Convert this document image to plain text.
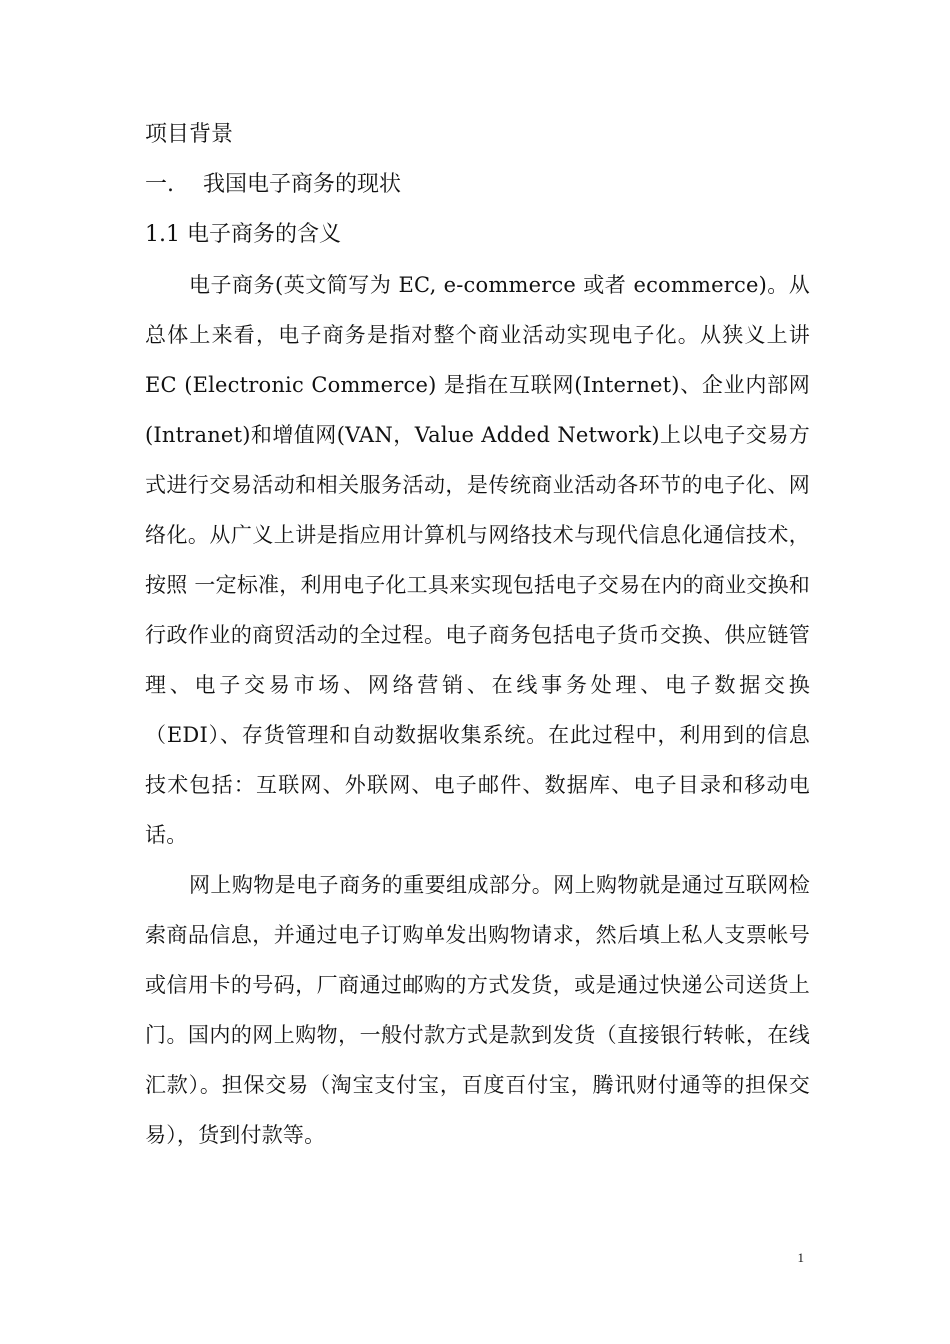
项目背景
一. 我国电子商务的现状
1.1 电子商务的含义

电子商务(英文简写为 EC, e-commerce 或者 ecommerce)。从总体上来看，电子商务是指对整个商业活动实现电子化。从狭义上讲 EC (Electronic Commerce) 是指在互联网(Internet)、企业内部网(Intranet)和增值网(VAN，Value Added Network)上以电子交易方式进行交易活动和相关服务活动，是传统商业活动各环节的电子化、网络化。从广义上讲是指应用计算机与网络技术与现代信息化通信技术，按照 一定标准，利用电子化工具来实现包括电子交易在内的商业交换和行政作业的商贸活动的全过程。电子商务包括电子货币交换、供应链管理、电子交易市场、网络营销、在线事务处理、电子数据交换（EDI）、存货管理和自动数据收集系统。在此过程中，利用到的信息技术包括：互联网、外联网、电子邮件、数据库、电子目录和移动电话。

网上购物是电子商务的重要组成部分。网上购物就是通过互联网检索商品信息，并通过电子订购单发出购物请求，然后填上私人支票帐号或信用卡的号码，厂商通过邮购的方式发货，或是通过快递公司送货上门。国内的网上购物，一般付款方式是款到发货（直接银行转帐，在线汇款）。担保交易（淘宝支付宝，百度百付宝，腾讯财付通等的担保交易），货到付款等。

1
